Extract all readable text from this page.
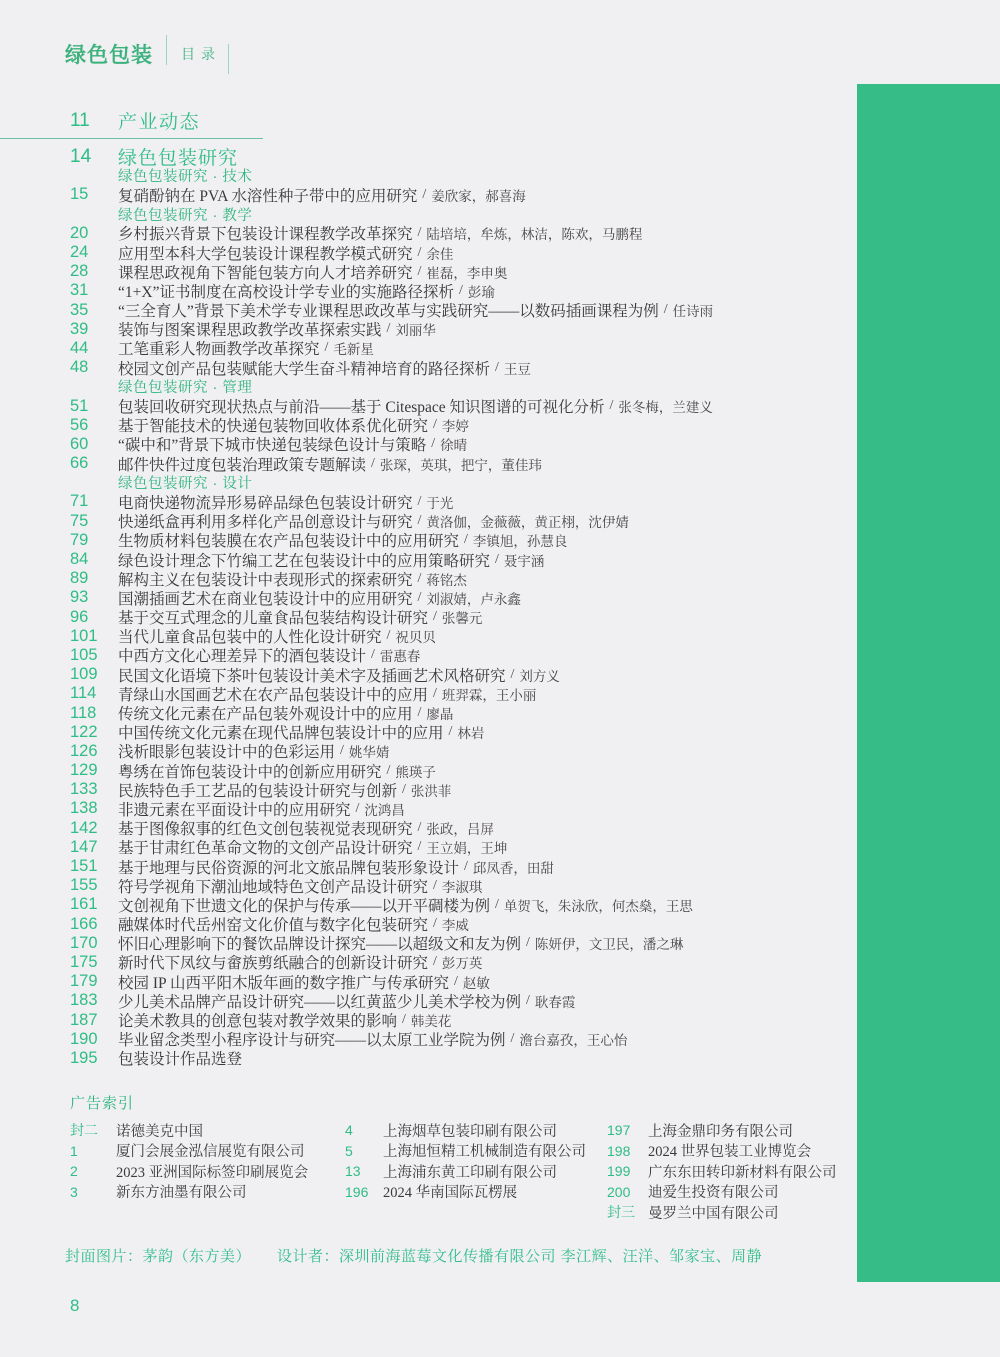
绿色包装 目录
11	产业动态
14	绿色包装研究
绿色包装研究 · 技术
15	复硝酚钠在 PVA 水溶性种子带中的应用研究 / 姜欣家，郝喜海
绿色包装研究 · 教学
20	乡村振兴背景下包装设计课程教学改革探究 / 陆培培，牟炼，林洁，陈欢，马鹏程
24	应用型本科大学包装设计课程教学模式研究 / 余佳
28	课程思政视角下智能包装方向人才培养研究 / 崔磊，李申奥
31	“1+X”证书制度在高校设计学专业的实施路径探析 / 彭瑜
35	“三全育人”背景下美术学专业课程思政改革与实践研究——以数码插画课程为例 / 任诗雨
39	装饰与图案课程思政教学改革探索实践 / 刘丽华
44	工笔重彩人物画教学改革探究 / 毛新星
48	校园文创产品包装赋能大学生奋斗精神培育的路径探析 / 王豆
绿色包装研究 · 管理
51	包装回收研究现状热点与前沿——基于 Citespace 知识图谱的可视化分析 / 张冬梅，兰建义
56	基于智能技术的快递包装物回收体系优化研究 / 李婷
60	“碳中和”背景下城市快递包装绿色设计与策略 / 徐晴
66	邮件快件过度包装治理政策专题解读 / 张琛，英琪，把宁，董佳玮
绿色包装研究 · 设计
71	电商快递物流异形易碎品绿色包装设计研究 / 于光
75	快递纸盒再利用多样化产品创意设计与研究 / 黄洛伽，金薇薇，黄正栩，沈伊婧
79	生物质材料包装膜在农产品包装设计中的应用研究 / 李镇旭，孙慧良
84	绿色设计理念下竹编工艺在包装设计中的应用策略研究 / 聂宇涵
89	解构主义在包装设计中表现形式的探索研究 / 蒋铭杰
93	国潮插画艺术在商业包装设计中的应用研究 / 刘淑婧，卢永鑫
96	基于交互式理念的儿童食品包装结构设计研究 / 张馨元
101	当代儿童食品包装中的人性化设计研究 / 祝贝贝
105	中西方文化心理差异下的酒包装设计 / 雷惠春
109	民国文化语境下茶叶包装设计美术字及插画艺术风格研究 / 刘方义
114	青绿山水国画艺术在农产品包装设计中的应用 / 班羿霖，王小丽
118	传统文化元素在产品包装外观设计中的应用 / 廖晶
122	中国传统文化元素在现代品牌包装设计中的应用 / 林岩
126	浅析眼影包装设计中的色彩运用 / 姚华婧
129	粤绣在首饰包装设计中的创新应用研究 / 熊瑛子
133	民族特色手工艺品的包装设计研究与创新 / 张洪菲
138	非遗元素在平面设计中的应用研究 / 沈鸿昌
142	基于图像叙事的红色文创包装视觉表现研究 / 张政，吕屏
147	基于甘肃红色革命文物的文创产品设计研究 / 王立娟，王坤
151	基于地理与民俗资源的河北文旅品牌包装形象设计 / 邱凤香，田甜
155	符号学视角下潮汕地域特色文创产品设计研究 / 李淑琪
161	文创视角下世遗文化的保护与传承——以开平碉楼为例 / 单贺飞，朱泳欣，何杰燊，王思
166	融媒体时代岳州窑文化价值与数字化包装研究 / 李威
170	怀旧心理影响下的餐饮品牌设计探究——以超级文和友为例 / 陈妍伊，文卫民，潘之琳
175	新时代下凤纹与畲族剪纸融合的创新设计研究 / 彭万英
179	校园 IP 山西平阳木版年画的数字推广与传承研究 / 赵敏
183	少儿美术品牌产品设计研究——以红黄蓝少儿美术学校为例 / 耿春霞
187	论美术教具的创意包装对教学效果的影响 / 韩美花
190	毕业留念类型小程序设计与研究——以太原工业学院为例 / 澹台嘉孜，王心怡
195	包装设计作品选登
广告索引
封二	诺德美克中国
1	厦门会展金泓信展览有限公司
2	2023 亚洲国际标签印刷展览会
3	新东方油墨有限公司
4	上海烟草包装印刷有限公司
5	上海旭恒精工机械制造有限公司
13	上海浦东黄工印刷有限公司
196	2024 华南国际瓦楞展
197	上海金鼎印务有限公司
198	2024 世界包装工业博览会
199	广东东田转印新材料有限公司
200	迪爱生投资有限公司
封三 曼罗兰中国有限公司
封面图片：茅韵（东方美） 设计者：深圳前海蓝莓文化传播有限公司 李江辉、汪洋、邹家宝、周静
8
